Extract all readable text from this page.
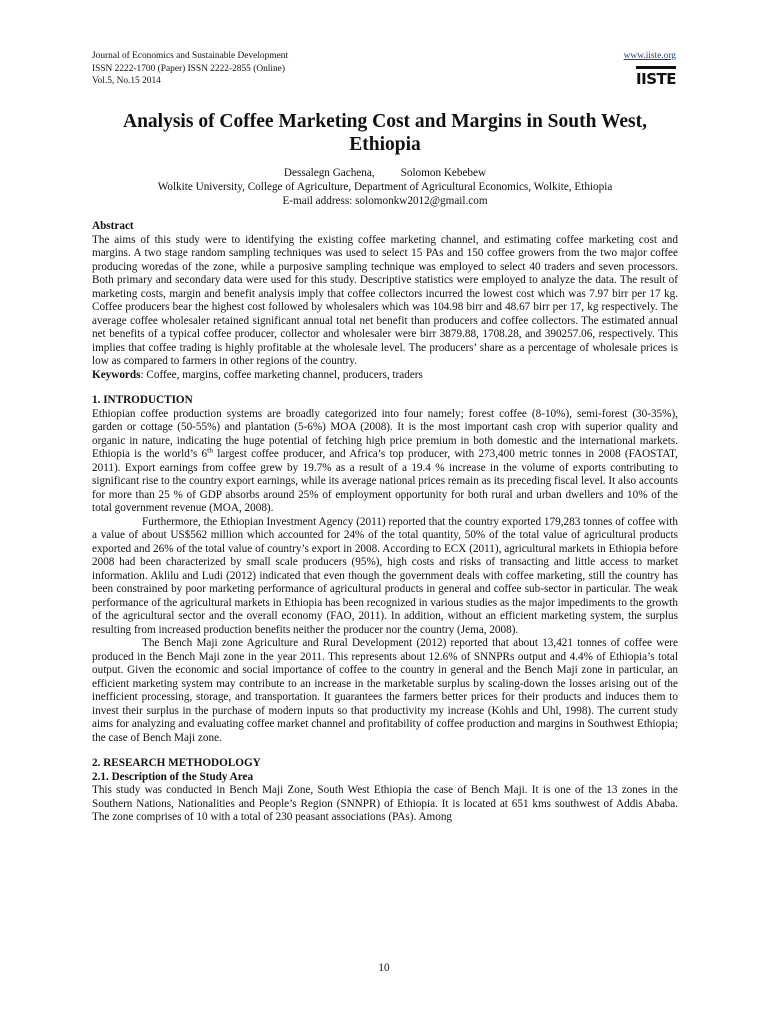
Journal of Economics and Sustainable Development
ISSN 2222-1700 (Paper) ISSN 2222-2855 (Online)
Vol.5, No.15 2014
www.iiste.org
IISTE
Analysis of Coffee Marketing Cost and Margins in South West, Ethiopia
Dessalegn Gachena, Solomon Kebebew
Wolkite University, College of Agriculture, Department of Agricultural Economics, Wolkite, Ethiopia
E-mail address: solomonkw2012@gmail.com
Abstract

The aims of this study were to identifying the existing coffee marketing channel, and estimating coffee marketing cost and margins. A two stage random sampling techniques was used to select 15 PAs and 150 coffee growers from the two major coffee producing woredas of the zone, while a purposive sampling technique was employed to select 40 traders and seven processors. Both primary and secondary data were used for this study. Descriptive statistics were employed to analyze the data. The result of marketing costs, margin and benefit analysis imply that coffee collectors incurred the lowest cost which was 7.97 birr per 17 kg. Coffee producers bear the highest cost followed by wholesalers which was 104.98 birr and 48.67 birr per 17, kg respectively. The average coffee wholesaler retained significant annual total net benefit than producers and coffee collectors. The estimated annual net benefits of a typical coffee producer, collector and wholesaler were birr 3879.88, 1708.28, and 390257.06, respectively. This implies that coffee trading is highly profitable at the wholesale level. The producers’ share as a percentage of wholesale prices is low as compared to farmers in other regions of the country.

Keywords: Coffee, margins, coffee marketing channel, producers, traders
1. INTRODUCTION

Ethiopian coffee production systems are broadly categorized into four namely; forest coffee (8-10%), semi-forest (30-35%), garden or cottage (50-55%) and plantation (5-6%) MOA (2008). It is the most important cash crop with superior quality and organic in nature, indicating the huge potential of fetching high price premium in both domestic and the international markets. Ethiopia is the world’s 6th largest coffee producer, and Africa’s top producer, with 273,400 metric tonnes in 2008 (FAOSTAT, 2011). Export earnings from coffee grew by 19.7% as a result of a 19.4 % increase in the volume of exports contributing to significant rise to the country export earnings, while its average national prices remain as its preceding fiscal level. It also accounts for more than 25 % of GDP absorbs around 25% of employment opportunity for both rural and urban dwellers and 10% of the total government revenue (MOA, 2008).

Furthermore, the Ethiopian Investment Agency (2011) reported that the country exported 179,283 tonnes of coffee with a value of about US$562 million which accounted for 24% of the total quantity, 50% of the total value of agricultural products exported and 26% of the total value of country’s export in 2008. According to ECX (2011), agricultural markets in Ethiopia before 2008 had been characterized by small scale producers (95%), high costs and risks of transacting and little access to market information. Aklilu and Ludi (2012) indicated that even though the government deals with coffee marketing, still the country has been constrained by poor marketing performance of agricultural products in general and coffee sub-sector in particular. The weak performance of the agricultural markets in Ethiopia has been recognized in various studies as the major impediments to the growth of the agricultural sector and the overall economy (FAO, 2011). In addition, without an efficient marketing system, the surplus resulting from increased production benefits neither the producer nor the country (Jema, 2008).

The Bench Maji zone Agriculture and Rural Development (2012) reported that about 13,421 tonnes of coffee were produced in the Bench Maji zone in the year 2011. This represents about 12.6% of SNNPRs output and 4.4% of Ethiopia’s total output. Given the economic and social importance of coffee to the country in general and the Bench Maji zone in particular, an efficient marketing system may contribute to an increase in the marketable surplus by scaling-down the losses arising out of the inefficient processing, storage, and transportation. It guarantees the farmers better prices for their products and induces them to invest their surplus in the purchase of modern inputs so that productivity my increase (Kohls and Uhl, 1998). The current study aims for analyzing and evaluating coffee market channel and profitability of coffee production and margins in Southwest Ethiopia; the case of Bench Maji zone.

2. RESEARCH METHODOLOGY
2.1. Description of the Study Area

This study was conducted in Bench Maji Zone, South West Ethiopia the case of Bench Maji. It is one of the 13 zones in the Southern Nations, Nationalities and People’s Region (SNNPR) of Ethiopia. It is located at 651 kms southwest of Addis Ababa. The zone comprises of 10 with a total of 230 peasant associations (PAs). Among

10
